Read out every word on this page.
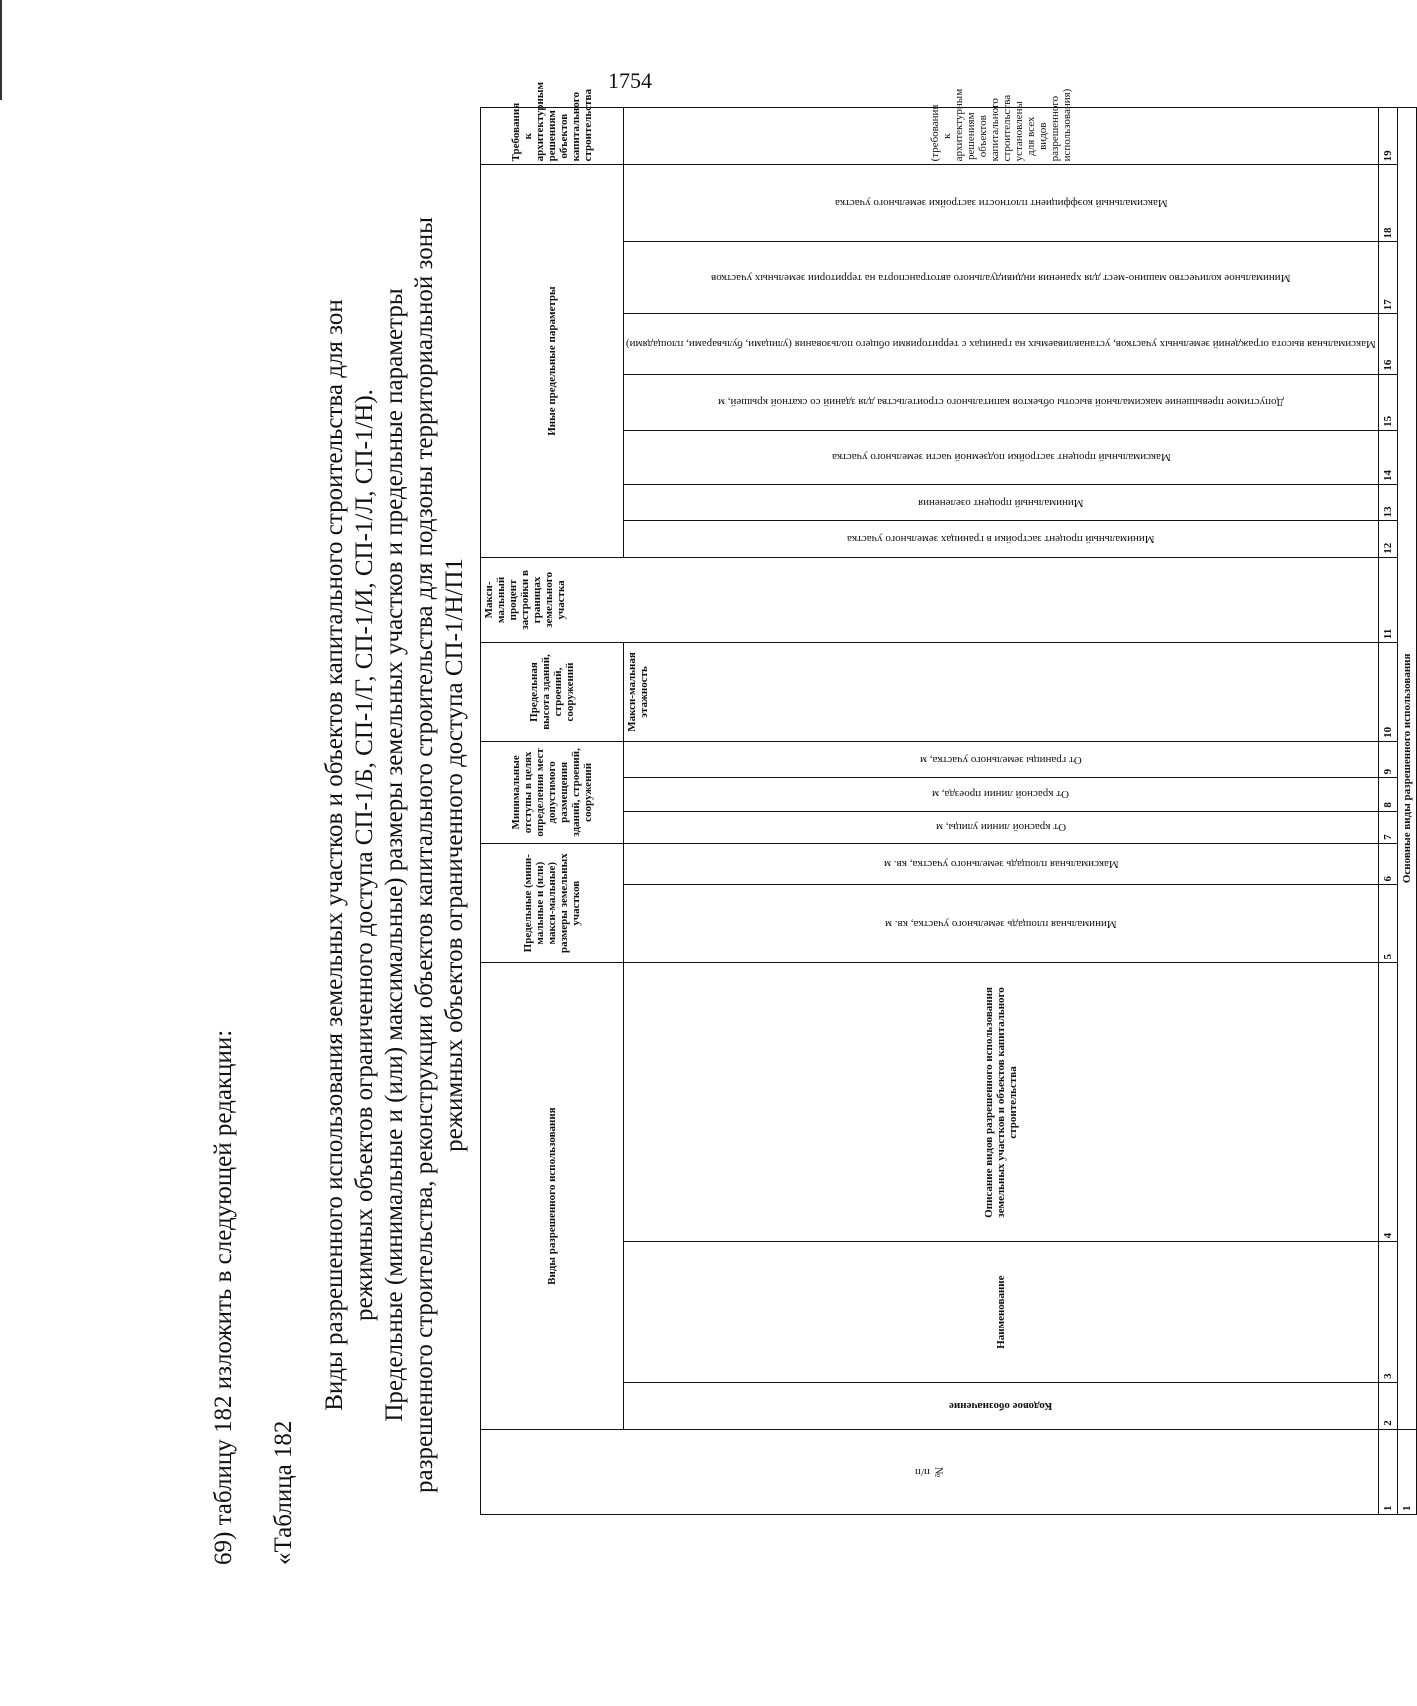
1754
69) таблицу 182 изложить в следующей редакции: «Таблица 182
Виды разрешенного использования земельных участков и объектов капитального строительства для зон режимных объектов ограниченного доступа СП-1/Б, СП-1/Г, СП-1/И, СП-1/Л, СП-1/Н). Предельные (минимальные и (или) максимальные) размеры земельных участков и предельные параметры разрешенного строительства, реконструкции объектов капитального строительства для подзоны территориальной зоны режимных объектов ограниченного доступа СП-1/Н/П1
№ п/п	Виды разрешенного использования			Предельные (мини-мальные и (или) макси-мальные) размеры земельных участков		Минимальные отступы в целях определения мест допустимого размещения зданий, строений, сооружений			Предельная высота зданий, строений, сооружений	Макси-мальный процент застройки в границах земельного участка	Иные предельные параметры							Требования к архитектурным решениям объектов капитального строительства

	Кодовое обозначение	Наименование	Описание видов разрешенного использования земельных участков и объектов капитального строительства	Минимальная площадь земельного участка, кв. м	Максимальная площадь земельного участка, кв. м	От красной линии улицы, м	От красной линии проезда, м	От границы земельного участка, м	Макси-мальная этажность		Минимальный процент застройки в границах земельного участка	Минимальный процент озеленения	Максимальный процент застройки подземной части земельного участка	Допустимое превышение максимальной высоты объектов капитального строительства для зданий со скатной крышей, м	Максимальная высота ограждений земельных участков, устанавливаемых на границах с территориями общего пользования (улицами, бульварами, площадями)	Минимальное количество машино-мест для хранения индивидуального автотранспорта на территории земельных участков	Максимальный коэффициент плотности застройки земельного участка	(требования к архитектурным решениям объектов капитального строительства установлены для всех видов разрешенного использования)
1	2	3	4	5	6	7	8	9	10	11	12	13	14	15	16	17	18	19
1	Основные виды разрешенного использования																	
